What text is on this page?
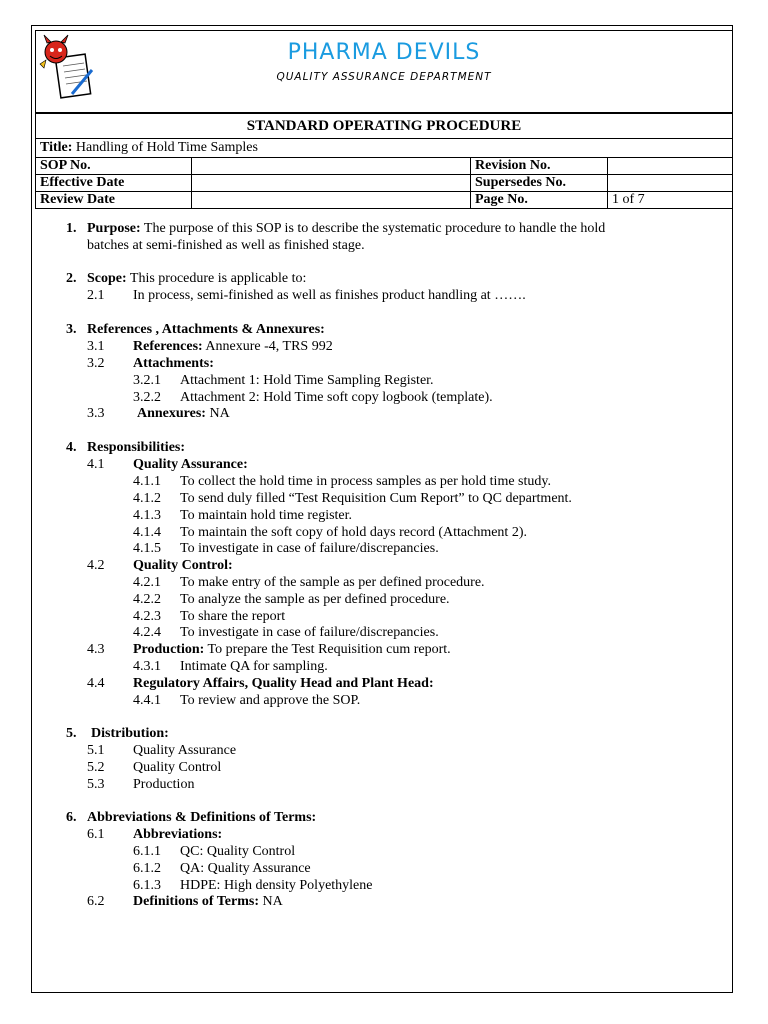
PHARMA DEVILS
QUALITY ASSURANCE DEPARTMENT
STANDARD OPERATING PROCEDURE			
Title: Handling of Hold Time Samples			
SOP No.		Revision No.	
Effective Date		Supersedes No.	
Review Date		Page No.	1 of 7
1. Purpose: The purpose of this SOP is to describe the systematic procedure to handle the hold
batches at semi-finished as well as finished stage.
2. Scope: This procedure is applicable to:
2.1 In process, semi-finished as well as finishes product handling at …….
3. References , Attachments & Annexures:
3.1 References: Annexure -4, TRS 992
3.2 Attachments:
3.2.1 Attachment 1: Hold Time Sampling Register.
3.2.2 Attachment 2: Hold Time soft copy logbook (template).
3.3 Annexures: NA
4. Responsibilities:
4.1 Quality Assurance:
4.1.1 To collect the hold time in process samples as per hold time study.
4.1.2 To send duly filled “Test Requisition Cum Report” to QC department.
4.1.3 To maintain hold time register.
4.1.4 To maintain the soft copy of hold days record (Attachment 2).
4.1.5 To investigate in case of failure/discrepancies.
4.2 Quality Control:
4.2.1 To make entry of the sample as per defined procedure.
4.2.2 To analyze the sample as per defined procedure.
4.2.3 To share the report
4.2.4 To investigate in case of failure/discrepancies.
4.3 Production: To prepare the Test Requisition cum report.
4.3.1 Intimate QA for sampling.
4.4 Regulatory Affairs, Quality Head and Plant Head:
4.4.1 To review and approve the SOP.
5. Distribution:
5.1 Quality Assurance
5.2 Quality Control
5.3 Production
6. Abbreviations & Definitions of Terms:
6.1 Abbreviations:
6.1.1 QC: Quality Control
6.1.2 QA: Quality Assurance
6.1.3 HDPE: High density Polyethylene
6.2 Definitions of Terms: NA
